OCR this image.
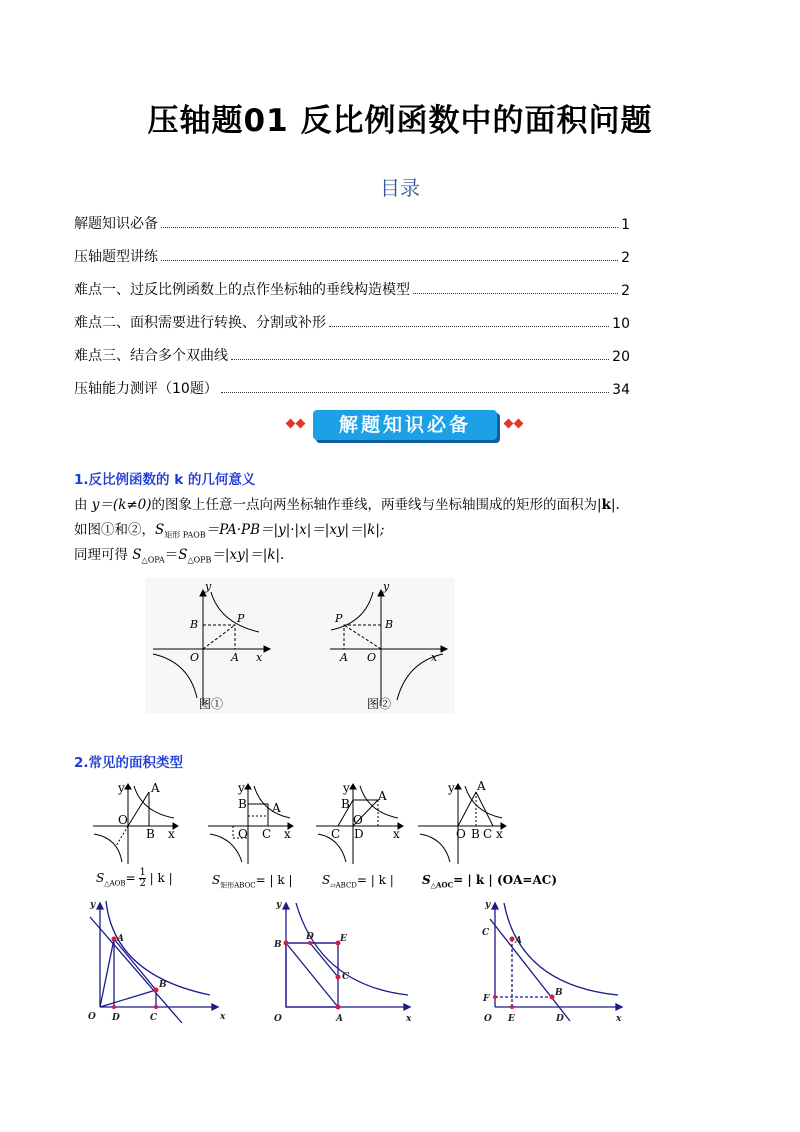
压轴题01 反比例函数中的面积问题
目录
解题知识必备	1
压轴题型讲练	2
难点一、过反比例函数上的点作坐标轴的垂线构造模型	2
难点二、面积需要进行转换、分割或补形	10
难点三、结合多个双曲线	20
压轴能力测评（10题）	34
解题知识必备
1.反比例函数的 k 的几何意义
由 y＝(k≠0)的图象上任意一点向两坐标轴作垂线，两垂线与坐标轴围成的矩形的面积为|k|.
如图①和②，$S_{矩形 PAOB}=PA\cdot PB=|y|\cdot|x|=|xy|=|k|$;
同理可得 $S_{\triangle OPA}=S_{\triangle OPB}=|xy|=|k|$.
y
P
B
O	A x
图①
y
P	B
O
A	x
图②
2.常见的面积类型
y A
O
B x
y
B
O C
A
x
y
B
A
C D
O
x
y A
O B C x
$S_{\triangle AOB}= \frac{1}{2}$ | k |	$S_{矩形ABOC}=$ | k | $S_{▱ABCD}=$ | k | $S_{\triangle AOC}=$ | k | (OA=AC)
y
A
B
O D	C	x
y
B
D	E
C
O	A	x
y
C
A
B
F
O E	D	x
